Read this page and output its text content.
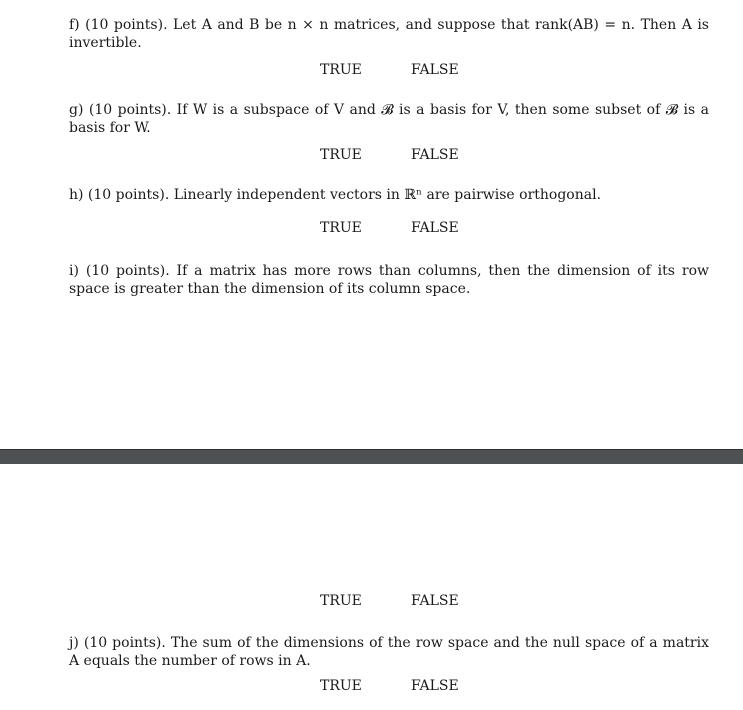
f) (10 points). Let A and B be n × n matrices, and suppose that rank(AB) = n. Then A is invertible.
TRUE	FALSE
g) (10 points). If W is a subspace of V and 𝓑 is a basis for V, then some subset of 𝓑 is a basis for W.
TRUE	FALSE
h) (10 points). Linearly independent vectors in ℝⁿ are pairwise orthogonal.
TRUE	FALSE
i) (10 points). If a matrix has more rows than columns, then the dimension of its row space is greater than the dimension of its column space.
TRUE	FALSE
j) (10 points). The sum of the dimensions of the row space and the null space of a matrix A equals the number of rows in A.
TRUE	FALSE
